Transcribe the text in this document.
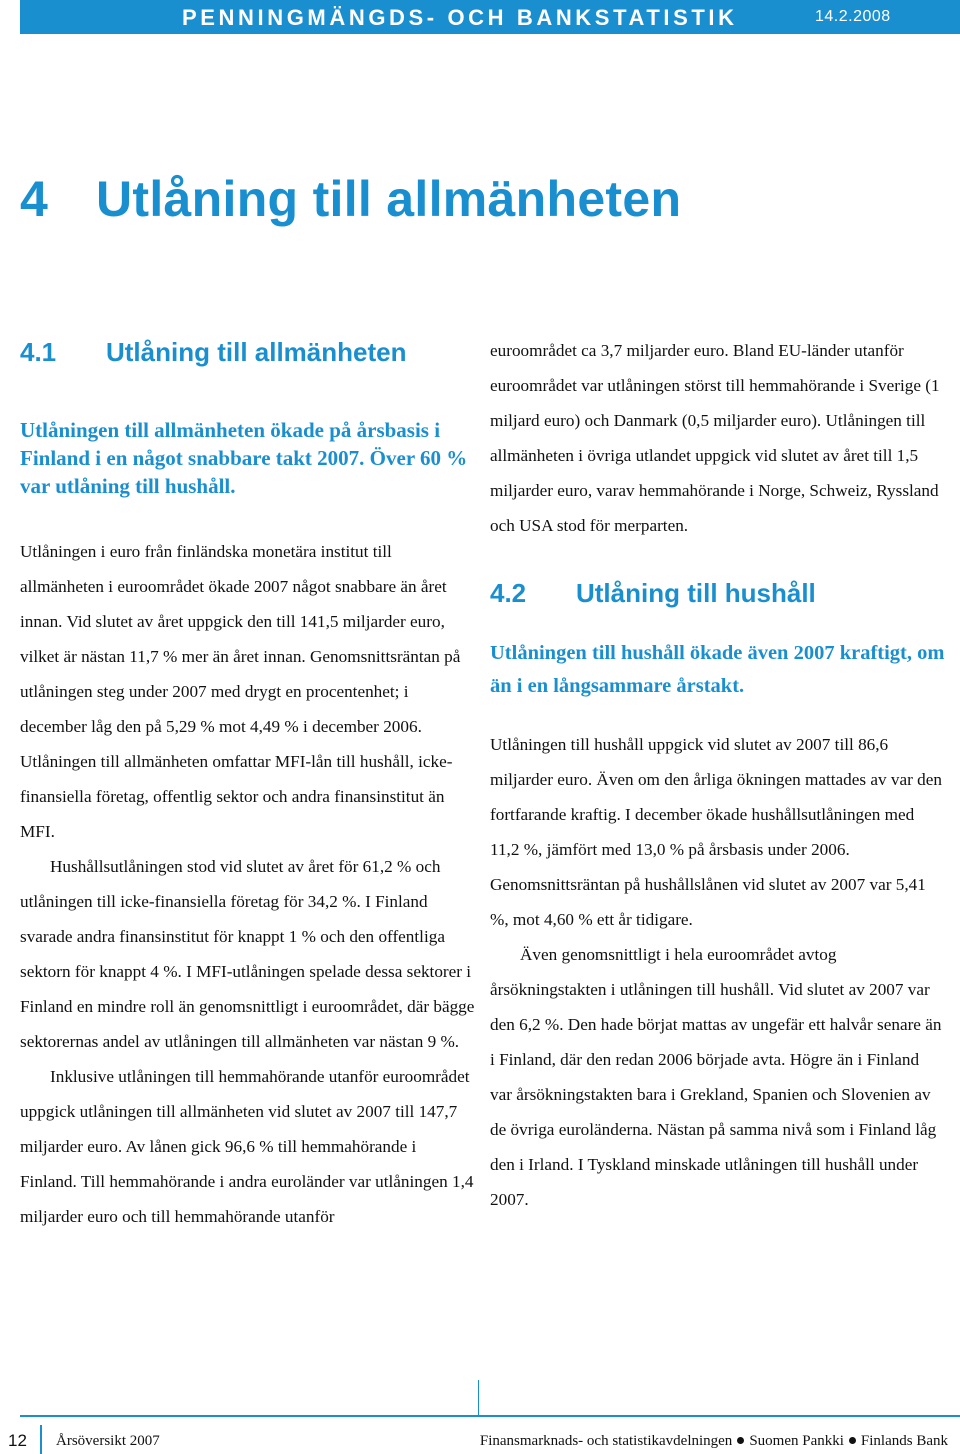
PENNINGMÄNGDS- OCH BANKSTATISTIK	14.2.2008
4 Utlåning till allmänheten
4.1 Utlåning till allmänheten

Utlåningen till allmänheten ökade på årsbasis i Finland i en något snabbare takt 2007. Över 60 % var utlåning till hushåll.

Utlåningen i euro från finländska monetära institut till allmänheten i euroområdet ökade 2007 något snabbare än året innan. Vid slutet av året uppgick den till 141,5 miljarder euro, vilket är nästan 11,7 % mer än året innan. Genomsnittsräntan på utlåningen steg under 2007 med drygt en procentenhet; i december låg den på 5,29 % mot 4,49 % i december 2006. Utlåningen till allmänheten omfattar MFI-lån till hushåll, icke-finansiella företag, offentlig sektor och andra finansinstitut än MFI.

Hushållsutlåningen stod vid slutet av året för 61,2 % och utlåningen till icke-finansiella företag för 34,2 %. I Finland svarade andra finansinstitut för knappt 1 % och den offentliga sektorn för knappt 4 %. I MFI-utlåningen spelade dessa sektorer i Finland en mindre roll än genomsnittligt i euroområdet, där bägge sektorernas andel av utlåningen till allmänheten var nästan 9 %.

Inklusive utlåningen till hemmahörande utanför euroområdet uppgick utlåningen till allmänheten vid slutet av 2007 till 147,7 miljarder euro. Av lånen gick 96,6 % till hemmahörande i Finland. Till hemmahörande i andra euroländer var utlåningen 1,4 miljarder euro och till hemmahörande utanför

euroområdet ca 3,7 miljarder euro. Bland EU-länder utanför euroområdet var utlåningen störst till hemmahörande i Sverige (1 miljard euro) och Danmark (0,5 miljarder euro). Utlåningen till allmänheten i övriga utlandet uppgick vid slutet av året till 1,5 miljarder euro, varav hemmahörande i Norge, Schweiz, Ryssland och USA stod för merparten.

4.2 Utlåning till hushåll

Utlåningen till hushåll ökade även 2007 kraftigt, om än i en långsammare årstakt.

Utlåningen till hushåll uppgick vid slutet av 2007 till 86,6 miljarder euro. Även om den årliga ökningen mattades av var den fortfarande kraftig. I december ökade hushållsutlåningen med 11,2 %, jämfört med 13,0 % på årsbasis under 2006. Genomsnittsräntan på hushållslånen vid slutet av 2007 var 5,41 %, mot 4,60 % ett år tidigare.

Även genomsnittligt i hela euroområdet avtog årsökningstakten i utlåningen till hushåll. Vid slutet av 2007 var den 6,2 %. Den hade börjat mattas av ungefär ett halvår senare än i Finland, där den redan 2006 började avta. Högre än i Finland var årsökningstakten bara i Grekland, Spanien och Slovenien av de övriga euroländerna. Nästan på samma nivå som i Finland låg den i Irland. I Tyskland minskade utlåningen till hushåll under 2007.

12 Årsöversikt 2007	Finansmarknads- och statistikavdelningen Suomen Pankki Finlands Bank
